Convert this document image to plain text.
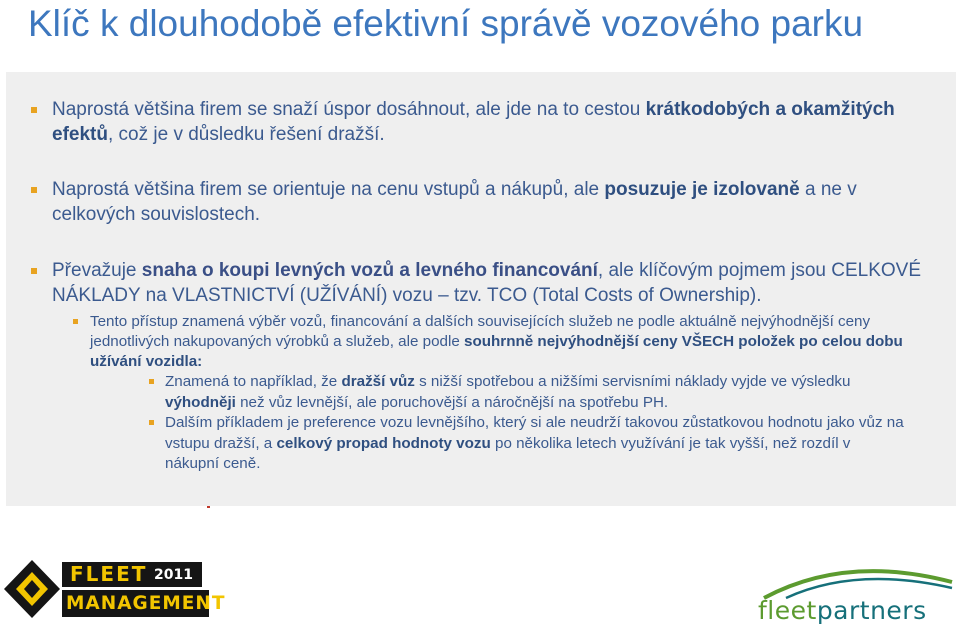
Klíč k dlouhodobě efektivní správě vozového parku
Naprostá většina firem se snaží úspor dosáhnout, ale jde na to cestou krátkodobých a okamžitých efektů, což je v důsledku řešení dražší.
Naprostá většina firem se orientuje na cenu vstupů a nákupů, ale posuzuje je izolovaně a ne v celkových souvislostech.
Převažuje snaha o koupi levných vozů a levného financování, ale klíčovým pojmem jsou CELKOVÉ NÁKLADY na VLASTNICTVÍ (UŽÍVÁNÍ) vozu – tzv. TCO (Total Costs of Ownership).
Tento přístup znamená výběr vozů, financování a dalších souvisejících služeb ne podle aktuálně nejvýhodnější ceny jednotlivých nakupovaných výrobků a služeb, ale podle souhrnně nejvýhodnější ceny VŠECH položek po celou dobu užívání vozidla:
Znamená to například, že dražší vůz s nižší spotřebou a nižšími servisními náklady vyjde ve výsledku výhodněji než vůz levnější, ale poruchovější a náročnější na spotřebu PH.
Dalším příkladem je preference vozu levnějšího, který si ale neudrží takovou zůstatkovou hodnotu jako vůz na vstupu dražší, a celkový propad hodnoty vozu po několika letech využívání je tak vyšší, než rozdíl v nákupní ceně.
FLEET 2011
MANAGEMENT	fleetpartners
